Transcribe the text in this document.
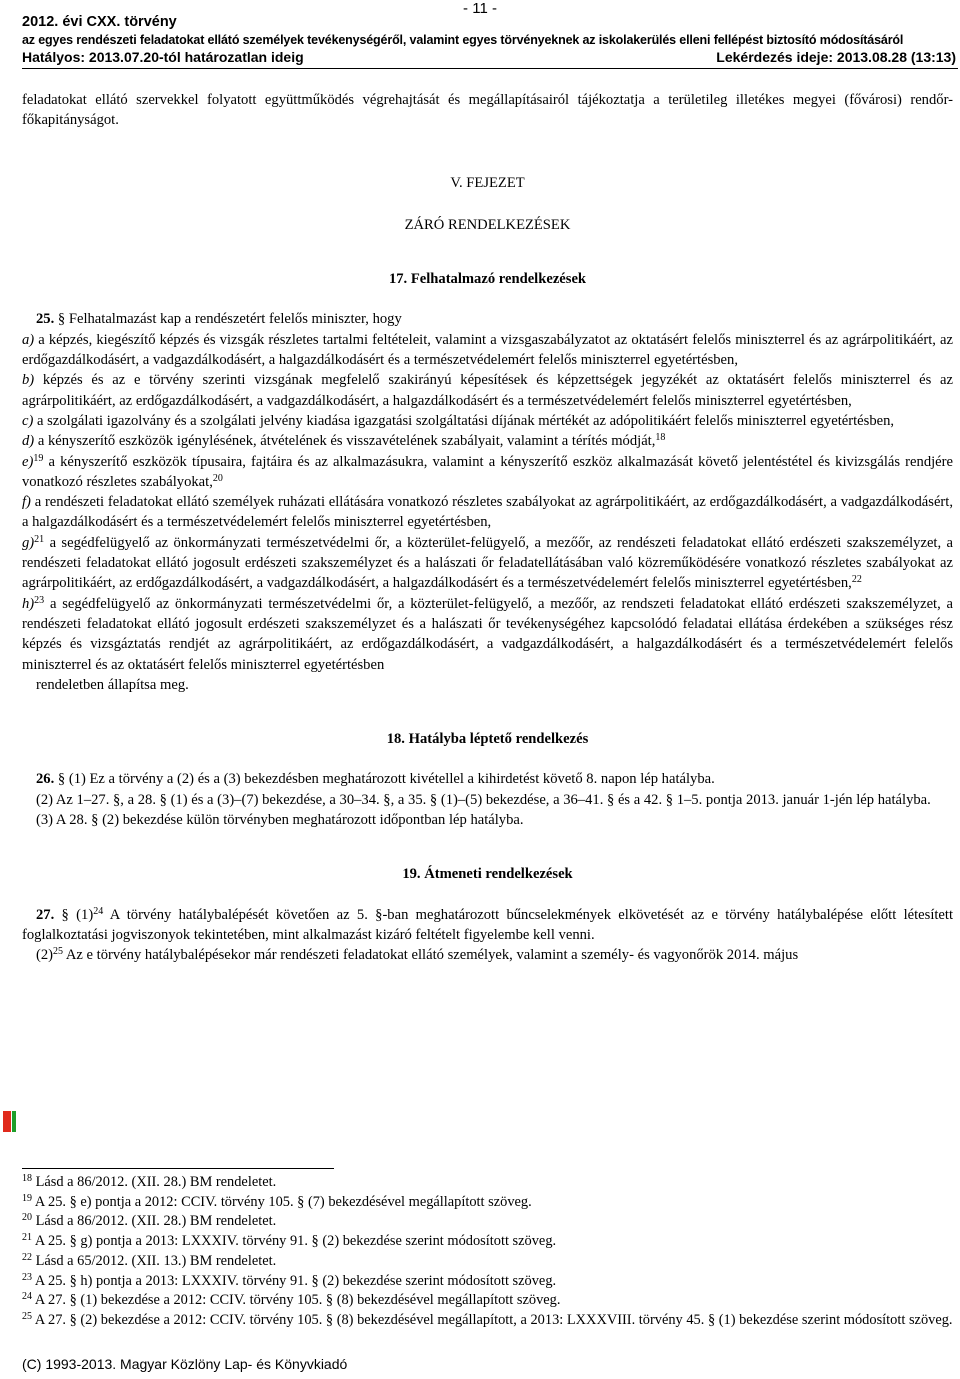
- 11 -
2012. évi CXX. törvény
az egyes rendészeti feladatokat ellátó személyek tevékenységéről, valamint egyes törvényeknek az iskolakerülés elleni fellépést biztosító módosításáról
Hatályos: 2013.07.20-tól határozatlan ideig	Lekérdezés ideje: 2013.08.28 (13:13)

feladatokat ellátó szervekkel folyatott együttműködés végrehajtását és megállapításairól tájékoztatja a területileg illetékes megyei (fővárosi) rendőr-főkapitányságot.

V. FEJEZET

ZÁRÓ RENDELKEZÉSEK

17. Felhatalmazó rendelkezések

25. § Felhatalmazást kap a rendészetért felelős miniszter, hogy

a) a képzés, kiegészítő képzés és vizsgák részletes tartalmi feltételeit, valamint a vizsgaszabályzatot az oktatásért felelős miniszterrel és az agrárpolitikáért, az erdőgazdálkodásért, a vadgazdálkodásért, a halgazdálkodásért és a természetvédelemért felelős miniszterrel egyetértésben,

b) képzés és az e törvény szerinti vizsgának megfelelő szakirányú képesítések és képzettségek jegyzékét az oktatásért felelős miniszterrel és az agrárpolitikáért, az erdőgazdálkodásért, a vadgazdálkodásért, a halgazdálkodásért és a természetvédelemért felelős miniszterrel egyetértésben,

c) a szolgálati igazolvány és a szolgálati jelvény kiadása igazgatási szolgáltatási díjának mértékét az adópolitikáért felelős miniszterrel egyetértésben,

d) a kényszerítő eszközök igénylésének, átvételének és visszavételének szabályait, valamint a térítés módját,$^{18}$

e)$^{19}$ a kényszerítő eszközök típusaira, fajtáira és az alkalmazásukra, valamint a kényszerítő eszköz alkalmazását követő jelentéstétel és kivizsgálás rendjére vonatkozó részletes szabályokat,$^{20}$

f) a rendészeti feladatokat ellátó személyek ruházati ellátására vonatkozó részletes szabályokat az agrárpolitikáért, az erdőgazdálkodásért, a vadgazdálkodásért, a halgazdálkodásért és a természetvédelemért felelős miniszterrel egyetértésben,

g)$^{21}$ a segédfelügyelő az önkormányzati természetvédelmi őr, a közterület-felügyelő, a mezőőr, az rendészeti feladatokat ellátó erdészeti szakszemélyzet, a rendészeti feladatokat ellátó jogosult erdészeti szakszemélyzet és a halászati őr feladatellátásában való közreműködésére vonatkozó részletes szabályokat az agrárpolitikáért, az erdőgazdálkodásért, a vadgazdálkodásért, a halgazdálkodásért és a természetvédelemért felelős miniszterrel egyetértésben,$^{22}$

h)$^{23}$ a segédfelügyelő az önkormányzati természetvédelmi őr, a közterület-felügyelő, a mezőőr, az rendszeti feladatokat ellátó erdészeti szakszemélyzet, a rendészeti feladatokat ellátó jogosult erdészeti szakszemélyzet és a halászati őr tevékenységéhez kapcsolódó feladatai ellátása érdekében a szükséges rész képzés és vizsgáztatás rendjét az agrárpolitikáért, az erdőgazdálkodásért, a vadgazdálkodásért, a halgazdálkodásért és a természetvédelemért felelős miniszterrel és az oktatásért felelős miniszterrel egyetértésben

rendeletben állapítsa meg.

18. Hatályba léptető rendelkezés

26. § (1) Ez a törvény a (2) és a (3) bekezdésben meghatározott kivétellel a kihirdetést követő 8. napon lép hatályba.

(2) Az 1–27. §, a 28. § (1) és a (3)–(7) bekezdése, a 30–34. §, a 35. § (1)–(5) bekezdése, a 36–41. § és a 42. § 1–5. pontja 2013. január 1-jén lép hatályba.

(3) A 28. § (2) bekezdése külön törvényben meghatározott időpontban lép hatályba.

19. Átmeneti rendelkezések

27. § $(1)^{24}$ A törvény hatálybalépését követően az 5. §-ban meghatározott bűncselekmények elkövetését az e törvény hatálybalépése előtt létesített foglalkoztatási jogviszonyok tekintetében, mint alkalmazást kizáró feltételt figyelembe kell venni.

$(2)^{25}$ Az e törvény hatálybalépésekor már rendészeti feladatokat ellátó személyek, valamint a személy- és vagyonőrök 2014. május

$^{18}$ Lásd a 86/2012. (XII. 28.) BM rendeletet.

$^{19}$ A 25. § e) pontja a 2012: CCIV. törvény 105. § (7) bekezdésével megállapított szöveg.

$^{20}$ Lásd a 86/2012. (XII. 28.) BM rendeletet.

$^{21}$ A 25. § g) pontja a 2013: LXXXIV. törvény 91. § (2) bekezdése szerint módosított szöveg.

$^{22}$ Lásd a 65/2012. (XII. 13.) BM rendeletet.

$^{23}$ A 25. § h) pontja a 2013: LXXXIV. törvény 91. § (2) bekezdése szerint módosított szöveg.

$^{24}$ A 27. § (1) bekezdése a 2012: CCIV. törvény 105. § (8) bekezdésével megállapított szöveg.

$^{25}$ A 27. § (2) bekezdése a 2012: CCIV. törvény 105. § (8) bekezdésével megállapított, a 2013: LXXXVIII. törvény 45. § (1) bekezdése szerint módosított szöveg.

(C) 1993-2013. Magyar Közlöny Lap- és Könyvkiadó
